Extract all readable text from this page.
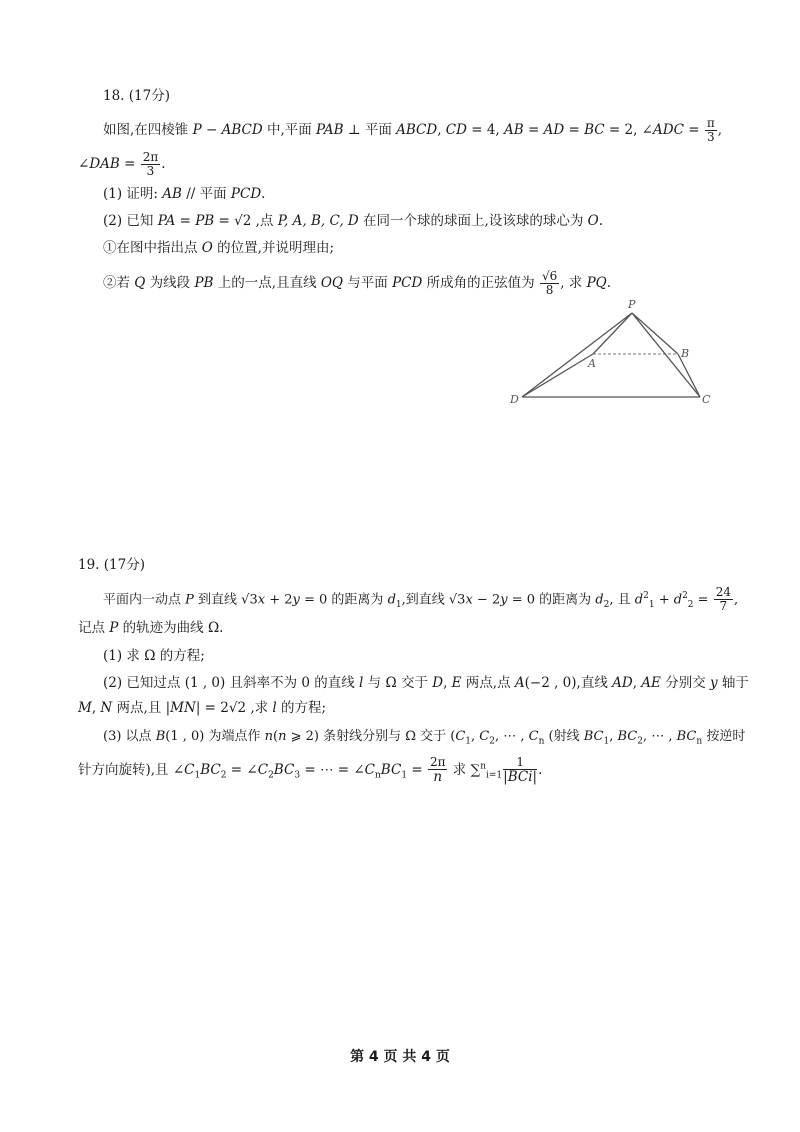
18. (17分)
如图,在四棱锥 P − ABCD 中,平面 PAB ⊥ 平面 ABCD, CD = 4, AB = AD = BC = 2, ∠ADC = $\frac{\pi}{3}$ ,
∠DAB = $\frac{2\pi}{3}$ .
(1) 证明: AB // 平面 PCD.
(2) 已知 PA = PB = √2 ,点 P, A, B, C, D 在同一个球的球面上,设该球的球心为 O.
①在图中指出点 O 的位置,并说明理由;
②若 Q 为线段 PB 上的一点,且直线 OQ 与平面 PCD 所成角的正弦值为 $\frac{√6}{8}$ , 求 PQ.
P
A
B
C
D
19. (17分)
平面内一动点 P 到直线 √3x + 2y = 0 的距离为 $d_1$,到直线 √3x − 2y = 0 的距离为 $d_2$, 且 $d^2_1 + d^2_2 = \frac{24}{7}$ ,
记点 P 的轨迹为曲线 Ω.
(1) 求 Ω 的方程;
(2) 已知过点 (1 , 0) 且斜率不为 0 的直线 l 与 Ω 交于 D, E 两点,点 A(−2 , 0),直线 AD, AE 分别交 y 轴于
M, N 两点,且 |MN| = 2√2 ,求 l 的方程;
(3) 以点 B(1 , 0) 为端点作 n(n ⩾ 2) 条射线分别与 Ω 交于 ($C_1$, $C_2$, ⋯ , $C_n$ (射线 $BC_1$, $BC_2$, ⋯ , $BC_n$ 按逆时
针方向旋转),且 $\angle C_1BC_2$ = $\angle C_2BC_3$ = ⋯ = $\angle C_nBC_1 = \frac{2\pi}{n}$ 求 $\sum^n_{i=1} \frac{1}{\text{|BCi|}}$.
第 4 页 共 4 页
